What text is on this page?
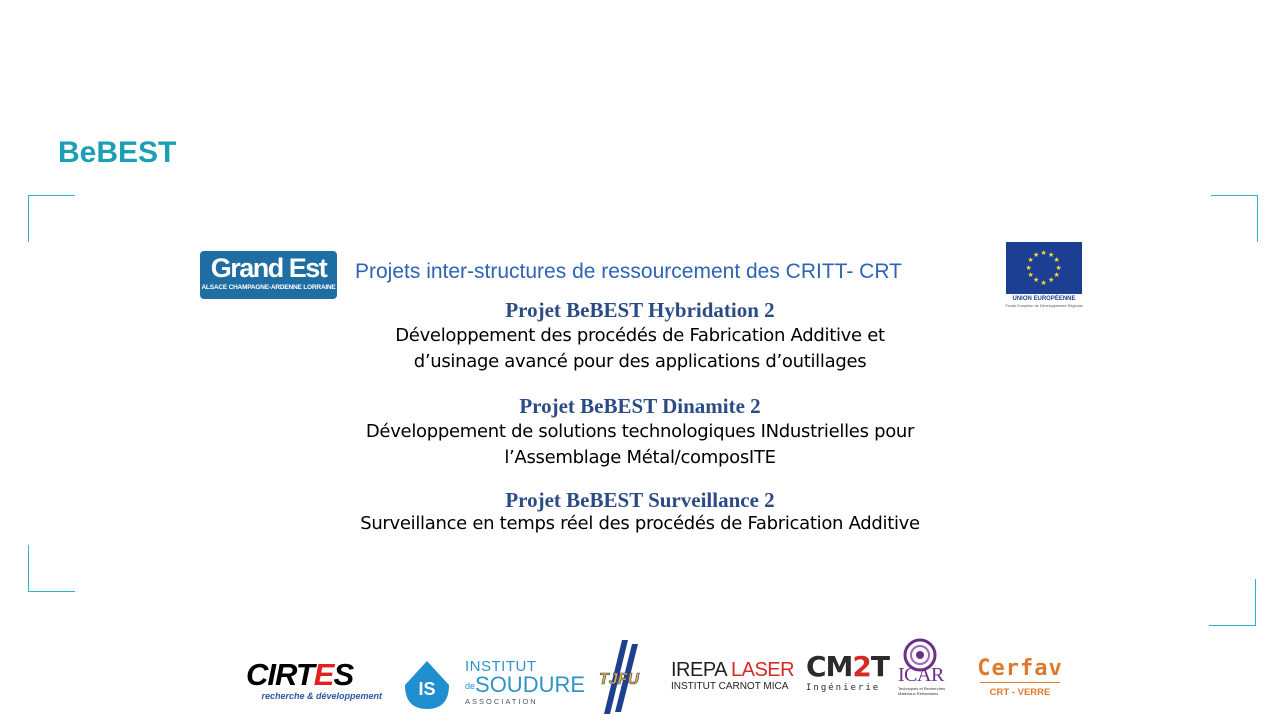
BeBEST
Grand Est
ALSACE CHAMPAGNE-ARDENNE LORRAINE
Projets inter-structures de ressourcement des CRITT- CRT
★ ★
★
★
★
★
★
★
★
★
★
★
UNION EUROPÉENNE
Fonds Européen de Développement Régional
Projet BeBEST Hybridation 2

Développement des procédés de Fabrication Additive et

d’usinage avancé pour des applications d’outillages

Projet BeBEST Dinamite 2

Développement de solutions technologiques INdustrielles pour

l’Assemblage Métal/composITE

Projet BeBEST Surveillance 2

Surveillance en temps réel des procédés de Fabrication Additive

CIRTES
recherche & développement IS
INSTITUT
deSOUDURE
ASSOCIATION
TJFU IREPA LASER
INSTITUT CARNOT MICA
CM2T
Ingénierie
ICAR
Techniques et Recherches Matériaux Réfractaires
Cerfav
CRT - VERRE
